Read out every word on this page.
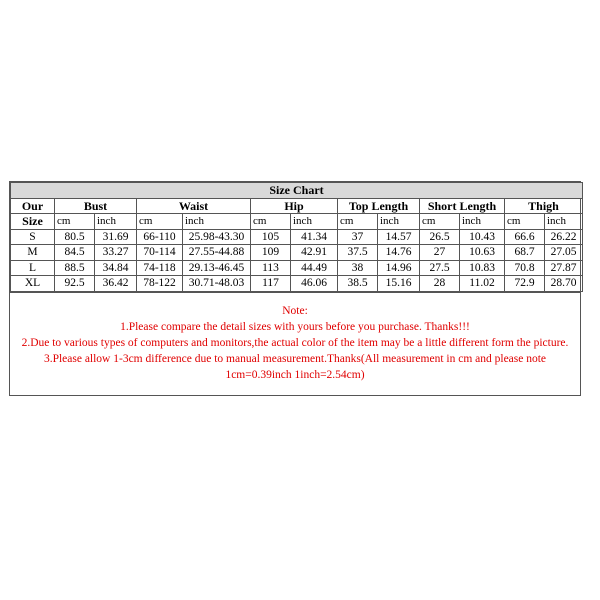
Size Chart												
Our	Bust		Waist		Hip		Top Length		Short Length		Thigh	
Size	cm	inch	cm	inch	cm	inch	cm	inch	cm	inch	cm	inch
S	80.5	31.69	66-110	25.98-43.30	105	41.34	37	14.57	26.5	10.43	66.6	26.22
M	84.5	33.27	70-114	27.55-44.88	109	42.91	37.5	14.76	27	10.63	68.7	27.05
L	88.5	34.84	74-118	29.13-46.45	113	44.49	38	14.96	27.5	10.83	70.8	27.87
XL	92.5	36.42	78-122	30.71-48.03	117	46.06	38.5	15.16	28	11.02	72.9	28.70
Note:

1.Please compare the detail sizes with yours before you purchase. Thanks!!!

2.Due to various types of computers and monitors,the actual color of the item may be a little different form the picture.

3.Please allow 1-3cm difference due to manual measurement.Thanks(All measurement in cm and please note 1cm=0.39inch 1inch=2.54cm)
